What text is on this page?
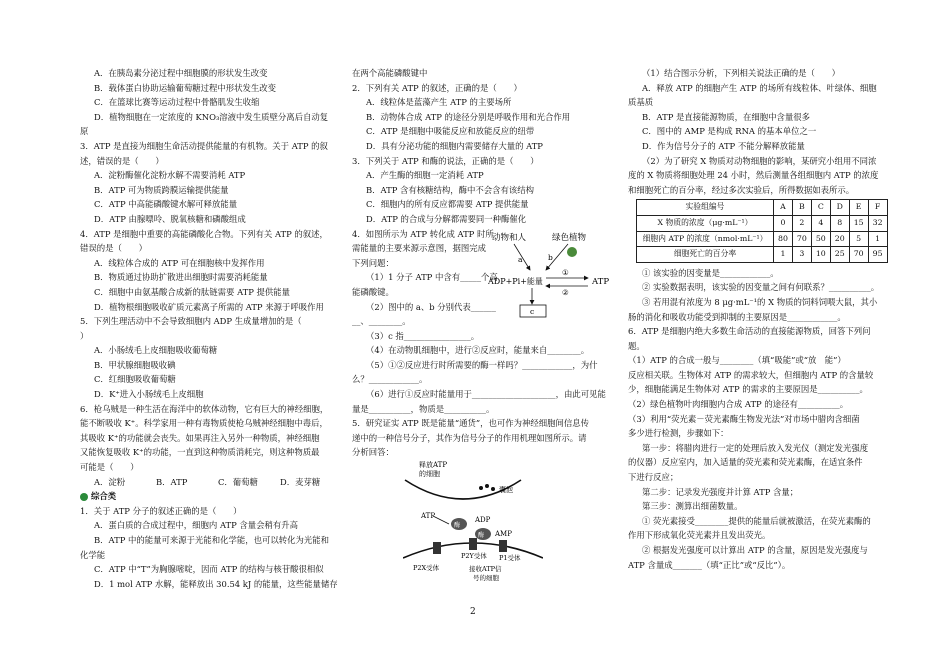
A．在胰岛素分泌过程中细胞膜的形状发生改变
B．载体蛋白协助运输葡萄糖过程中形状发生改变
C．在篮球比赛等运动过程中骨骼肌发生收缩
D．植物细胞在一定浓度的 KNO₃溶液中发生质壁分离后自动复
原
3．ATP 是直接为细胞生命活动提供能量的有机物。关于 ATP 的叙
述，错误的是（　　）
A．淀粉酶催化淀粉水解不需要消耗 ATP
B．ATP 可为物质跨膜运输提供能量
C．ATP 中高能磷酸键水解可释放能量
D．ATP 由腺嘌呤、脱氧核糖和磷酸组成
4．ATP 是细胞中重要的高能磷酸化合物。下列有关 ATP 的叙述，
错误的是（　　）
A．线粒体合成的 ATP 可在细胞核中发挥作用
B．物质通过协助扩散进出细胞时需要消耗能量
C．细胞中由氨基酸合成新的肽链需要 ATP 提供能量
D．植物根细胞吸收矿质元素离子所需的 ATP 来源于呼吸作用
5．下列生理活动中不会导致细胞内 ADP 生成量增加的是（
）
A．小肠绒毛上皮细胞吸收葡萄糖
B．甲状腺细胞吸收碘
C．红细胞吸收葡萄糖
D．K⁺进入小肠绒毛上皮细胞
6．枪乌贼是一种生活在海洋中的软体动物，它有巨大的神经细胞，
能不断吸收 K⁺。科学家用一种有毒物质使枪乌贼神经细胞中毒后，
其吸收 K⁺的功能就会丧失。如果再注入另外一种物质，神经细胞
又能恢复吸收 K⁺的功能，一直到这种物质消耗完，则这种物质最
可能是（　　）
A．淀粉	B．ATP	C．葡萄糖	D．麦芽糖
综合类
1．关于 ATP 分子的叙述正确的是（　　）
A．蛋白质的合成过程中，细胞内 ATP 含量会稍有升高
B．ATP 中的能量可来源于光能和化学能，也可以转化为光能和
化学能
C．ATP 中“T”为胸腺嘧啶，因而 ATP 的结构与核苷酸很相似
D．1 mol ATP 水解，能释放出 30.54 kJ 的能量，这些能量储存
在两个高能磷酸键中
2．下列有关 ATP 的叙述，正确的是（　　）
A．线粒体是蓝藻产生 ATP 的主要场所
B．动物体合成 ATP 的途径分别是呼吸作用和光合作用
C．ATP 是细胞中吸能反应和放能反应的纽带
D．具有分泌功能的细胞内需要储存大量的 ATP
3．下列关于 ATP 和酶的说法，正确的是（　　）
A．产生酶的细胞一定消耗 ATP
B．ATP 含有核糖结构，酶中不会含有该结构
C．细胞内的所有反应都需要 ATP 提供能量
D．ATP 的合成与分解都需要同一种酶催化
4．如图所示为 ATP 转化成 ATP 时所
需能量的主要来源示意图，据图完成
下列问题：
（1）1 分子 ATP 中含有_____个高
能磷酸键。
（2）图中的 a、b 分别代表______
__、________。
（3）c 指________________。
（4）在动物肌细胞中，进行②反应时，能量来自________。
（5）①②反应进行时所需要的酶一样吗？____________，为什
么？____________。
（6）进行①反应时能量用于____________________，由此可见能
量是__________，物质是__________。
5．研究证实 ATP 既是能量“通货”，也可作为神经细胞间信息传
递中的一种信号分子，其作为信号分子的作用机理如图所示。请
分析回答：
动物和人	绿色植物
a	b
ADP+Pi+能量
①
②
ATP
c
释放ATP
的细胞
囊泡
ATP
酶
ADP
酶 AMP
P2Y受体 P1受体
P2X受体	接收ATP信
号的细胞
（1）结合图示分析，下列相关说法正确的是（　　）
A．释放 ATP 的细胞产生 ATP 的场所有线粒体、叶绿体、细胞
质基质
B．ATP 是直接能源物质，在细胞中含量很多
C．图中的 AMP 是构成 RNA 的基本单位之一
D．作为信号分子的 ATP 不能分解释放能量
（2）为了研究 X 物质对动物细胞的影响，某研究小组用不同浓
度的 X 物质将细胞处理 24 小时，然后测量各组细胞内 ATP 的浓度
和细胞死亡的百分率，经过多次实验后，所得数据如表所示。
实验组编号	A	B	C	D	E	F
X 物质的浓度（μg·mL⁻¹）	0	2	4	8	15	32
细胞内 ATP 的浓度（nmol·mL⁻¹）	80	70	50	20	5	1
细胞死亡的百分率	1	3	10	25	70	95
① 该实验的因变量是____________。
② 实验数据表明，该实验的因变量之间有何联系？__________。
③ 若用混有浓度为 8 μg·mL⁻¹的 X 物质的饲料饲喂大鼠，其小
肠的消化和吸收功能受到抑制的主要原因是____________。
6．ATP 是细胞内绝大多数生命活动的直接能源物质，回答下列问
题。
（1）ATP 的合成一般与________（填“吸能”或“放　能”）
反应相关联。生物体对 ATP 的需求较大，但细胞内 ATP 的含量较
少，细胞能满足生物体对 ATP 的需求的主要原因是__________。
（2）绿色植物叶肉细胞内合成 ATP 的途径有__________。
（3）利用“荧光素－荧光素酶生物发光法”对市场中腊肉含细菌
多少进行检测，步骤如下：
第一步：将腊肉进行一定的处理后放入发光仪（测定发光强度
的仪器）反应室内，加入适量的荧光素和荧光素酶，在适宜条件
下进行反应；
第二步：记录发光强度并计算 ATP 含量；
第三步：测算出细菌数量。
① 荧光素接受________提供的能量后就被激活，在荧光素酶的
作用下形成氧化荧光素并且发出荧光。
② 根据发光强度可以计算出 ATP 的含量，原因是发光强度与
ATP 含量成_______（填“正比”或“反比”）。
2
